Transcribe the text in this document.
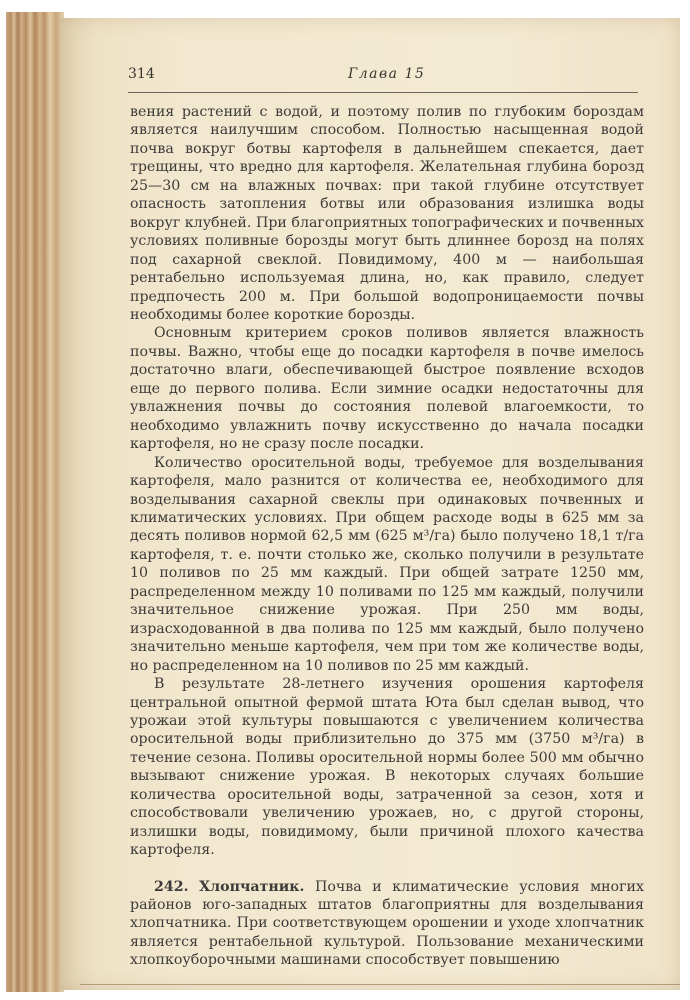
314	Глава 15

вения растений с водой, и поэтому полив по глубоким бороздам является наилучшим способом. Полностью насыщенная водой почва вокруг ботвы картофеля в дальнейшем спекается, дает трещины, что вредно для картофеля. Желательная глубина борозд 25—30 см на влажных почвах: при такой глубине отсутствует опасность затопления ботвы или образования излишка воды вокруг клубней. При благоприятных топографических и почвенных условиях поливные борозды могут быть длиннее борозд на полях под сахарной свеклой. Повидимому, 400 м — наибольшая рентабельно используемая длина, но, как правило, следует предпочесть 200 м. При большой водопроницаемости почвы необходимы более короткие борозды.

Основным критерием сроков поливов является влажность почвы. Важно, чтобы еще до посадки картофеля в почве имелось достаточно влаги, обеспечивающей быстрое появление всходов еще до первого полива. Если зимние осадки недостаточны для увлажнения почвы до состояния полевой влагоемкости, то необходимо увлажнить почву искусственно до начала посадки картофеля, но не сразу после посадки.

Количество оросительной воды, требуемое для возделывания картофеля, мало разнится от количества ее, необходимого для возделывания сахарной свеклы при одинаковых почвенных и климатических условиях. При общем расходе воды в 625 мм за десять поливов нормой 62,5 мм (625 м³/га) было получено 18,1 т/га картофеля, т. е. почти столько же, сколько получили в результате 10 поливов по 25 мм каждый. При общей затрате 1250 мм, распределенном между 10 поливами по 125 мм каждый, получили значительное снижение урожая. При 250 мм воды, израсходованной в два полива по 125 мм каждый, было получено значительно меньше картофеля, чем при том же количестве воды, но распределенном на 10 поливов по 25 мм каждый.

В результате 28-летнего изучения орошения картофеля центральной опытной фермой штата Юта был сделан вывод, что урожаи этой культуры повышаются с увеличением количества оросительной воды приблизительно до 375 мм (3750 м³/га) в течение сезона. Поливы оросительной нормы более 500 мм обычно вызывают снижение урожая. В некоторых случаях большие количества оросительной воды, затраченной за сезон, хотя и способствовали увеличению урожаев, но, с другой стороны, излишки воды, повидимому, были причиной плохого качества картофеля.

242. Хлопчатник. Почва и климатические условия многих районов юго-западных штатов благоприятны для возделывания хлопчатника. При соответствующем орошении и уходе хлопчатник является рентабельной культурой. Пользование механическими хлопкоуборочными машинами способствует повышению
